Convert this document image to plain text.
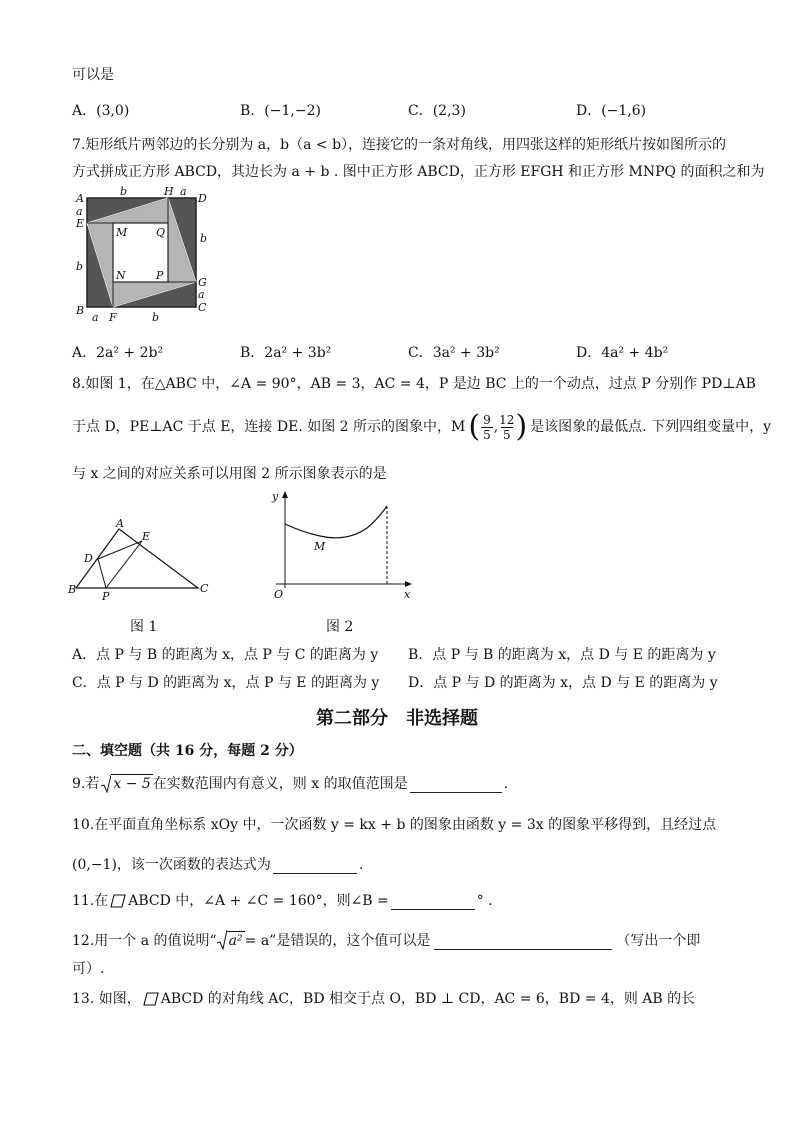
可以是
A．(3,0)	B．(−1,−2)	C．(2,3)	D．(−1,6)
7.矩形纸片两邻边的长分别为 a，b（a < b），连接它的一条对角线，用四张这样的矩形纸片按如图所示的
方式拼成正方形 ABCD，其边长为 a + b . 图中正方形 ABCD，正方形 EFGH 和正方形 MNPQ 的面积之和为
A
a
E
b
B
a F	b
b	H a
D
b
G
a
C
M	Q
N	P
A．2a² + 2b²	B．2a² + 3b²	C．3a² + 3b²	D．4a² + 4b²
8.如图 1，在△ABC 中，∠A = 90°，AB = 3，AC = 4，P 是边 BC 上的一个动点，过点 P 分别作 PD⊥AB
于点 D，PE⊥AC 于点 E，连接 DE. 如图 2 所示的图象中，M ( 9
5 , 12
5 ) 是该图象的最低点. 下列四组变量中，y
与 x 之间的对应关系可以用图 2 所示图象表示的是
A
B	C
D
E
P
图 1
y
x
O
M
图 2
A．点 P 与 B 的距离为 x，点 P 与 C 的距离为 y B．点 P 与 B 的距离为 x，点 D 与 E 的距离为 y
C．点 P 与 D 的距离为 x，点 P 与 E 的距离为 y D．点 P 与 D 的距离为 x，点 D 与 E 的距离为 y
第二部分　非选择题
二、填空题（共 16 分，每题 2 分）
9.若 x − 5 在实数范围内有意义，则 x 的取值范围是	.
10.在平面直角坐标系 xOy 中，一次函数 y = kx + b 的图象由函数 y = 3x 的图象平移得到，且经过点
(0,−1)，该一次函数的表达式为	.
11.在 ABCD 中，∠A + ∠C = 160°，则∠B =	° .
12.用一个 a 的值说明“ a² = a”是错误的，这个值可以是	（写出一个即
可）.
13. 如图， ABCD 的对角线 AC，BD 相交于点 O，BD ⊥ CD，AC = 6，BD = 4，则 AB 的长
